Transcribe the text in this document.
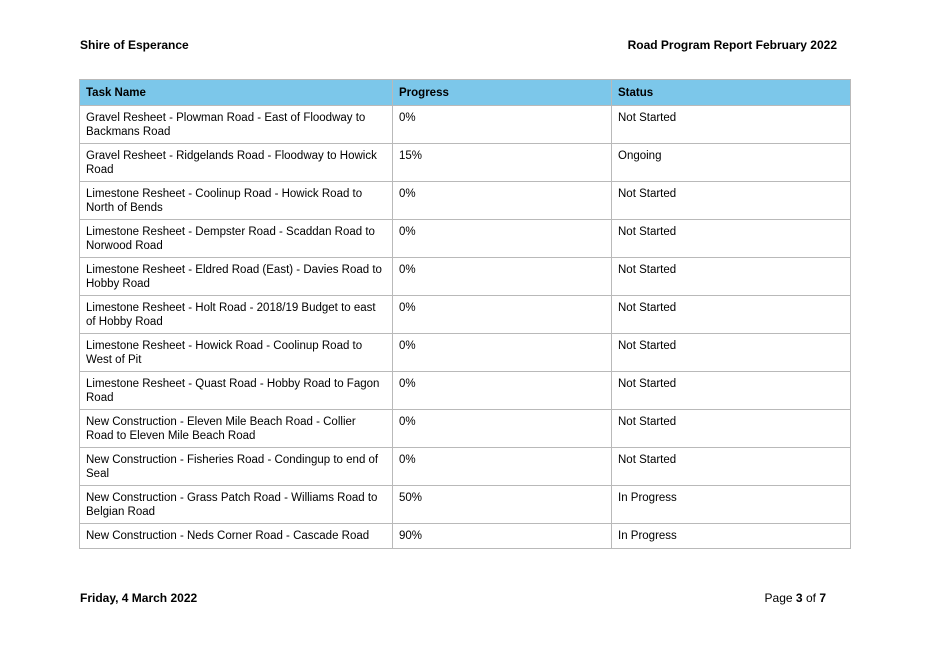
Shire of Esperance	Road Program Report February 2022
Task Name	Progress	Status
Gravel Resheet - Plowman Road - East of Floodway to Backmans Road	0%	Not Started
Gravel Resheet - Ridgelands Road - Floodway to Howick Road	15%	Ongoing
Limestone Resheet - Coolinup Road - Howick Road to North of Bends	0%	Not Started
Limestone Resheet - Dempster Road - Scaddan Road to Norwood Road	0%	Not Started
Limestone Resheet - Eldred Road (East) - Davies Road to Hobby Road	0%	Not Started
Limestone Resheet - Holt Road - 2018/19 Budget to east of Hobby Road	0%	Not Started
Limestone Resheet - Howick Road - Coolinup Road to West of Pit	0%	Not Started
Limestone Resheet - Quast Road - Hobby Road to Fagon Road	0%	Not Started
New Construction - Eleven Mile Beach Road - Collier Road to Eleven Mile Beach Road	0%	Not Started
New Construction - Fisheries Road - Condingup to end of Seal	0%	Not Started
New Construction - Grass Patch Road - Williams Road to Belgian Road	50%	In Progress
New Construction - Neds Corner Road - Cascade Road	90%	In Progress
Friday, 4 March 2022	Page 3 of 7
